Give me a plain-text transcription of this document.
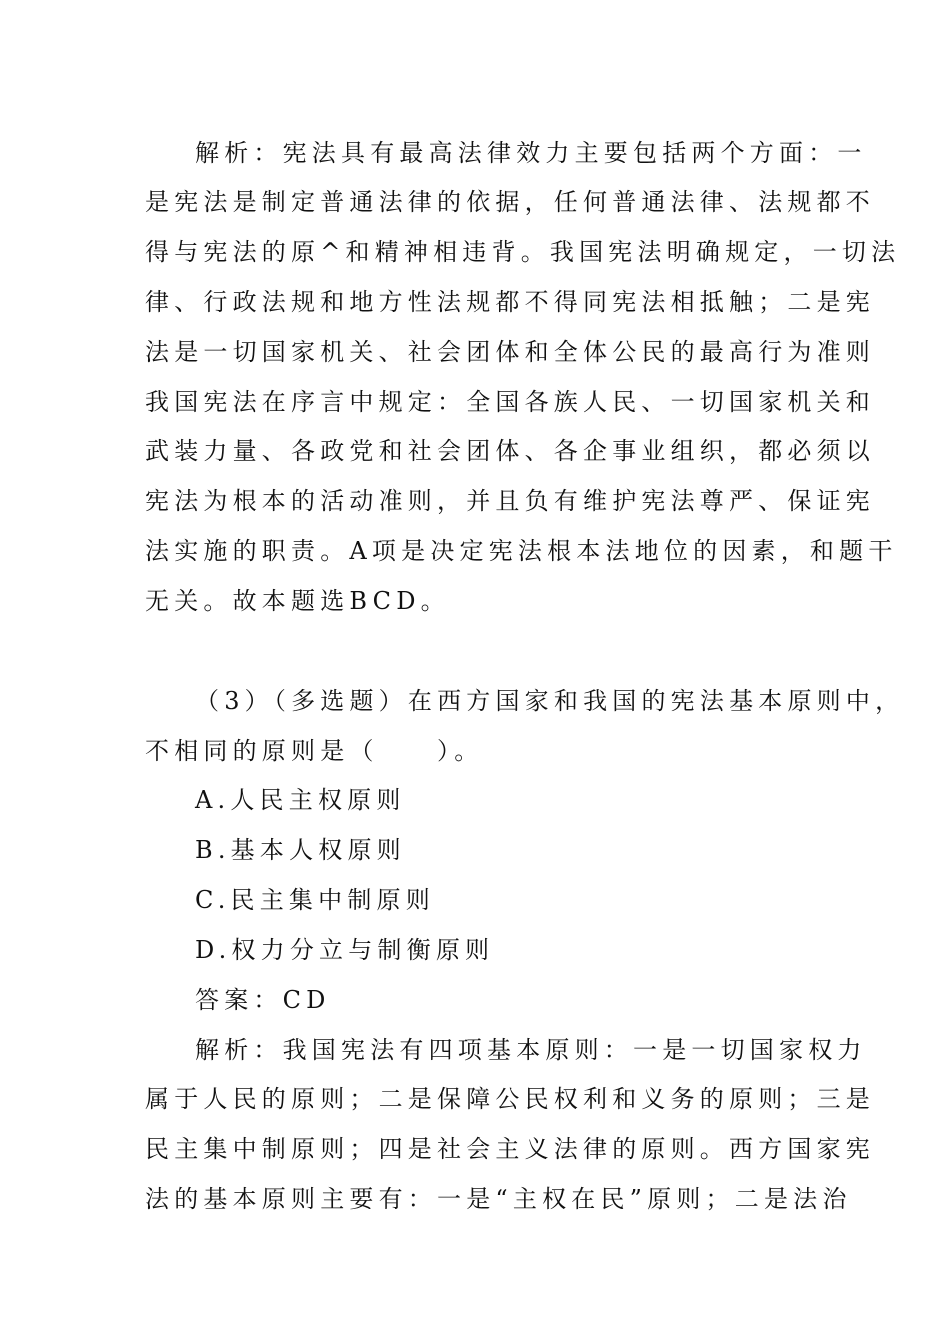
解析：宪法具有最高法律效力主要包括两个方面：一
是宪法是制定普通法律的依据，任何普通法律、法规都不
得与宪法的原^和精神相违背。我国宪法明确规定，一切法
律、行政法规和地方性法规都不得同宪法相抵触；二是宪
法是一切国家机关、社会团体和全体公民的最高行为准则
我国宪法在序言中规定：全国各族人民、一切国家机关和
武装力量、各政党和社会团体、各企事业组织，都必须以
宪法为根本的活动准则，并且负有维护宪法尊严、保证宪
法实施的职责。A项是决定宪法根本法地位的因素，和题干
无关。故本题选BCD。
（3）（多选题）在西方国家和我国的宪法基本原则中，
不相同的原则是（　　）。
A.人民主权原则
B.基本人权原则
C.民主集中制原则
D.权力分立与制衡原则
答案：CD
解析：我国宪法有四项基本原则：一是一切国家权力
属于人民的原则；二是保障公民权利和义务的原则；三是
民主集中制原则；四是社会主义法律的原则。西方国家宪
法的基本原则主要有：一是“主权在民”原则；二是法治
